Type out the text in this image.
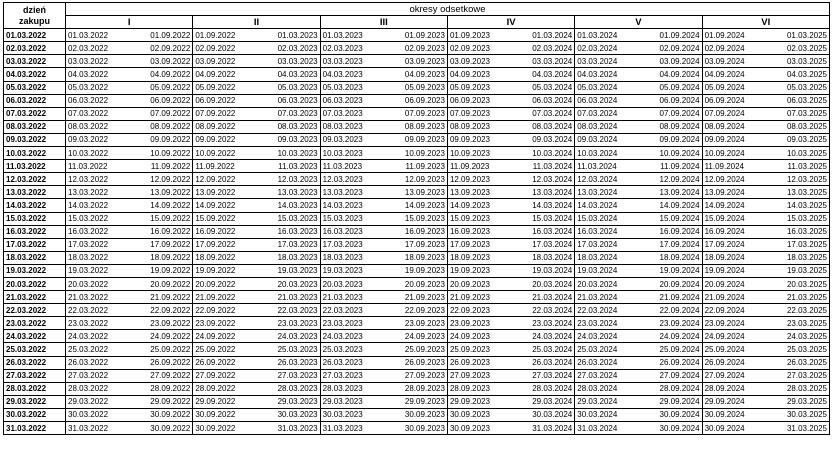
dzień
zakupu	okresy odsetkowe											
	I		II		III		IV		V		VI	
01.03.2022	01.03.2022	01.09.2022	01.09.2022	01.03.2023	01.03.2023	01.09.2023	01.09.2023	01.03.2024	01.03.2024	01.09.2024	01.09.2024	01.03.2025
02.03.2022	02.03.2022	02.09.2022	02.09.2022	02.03.2023	02.03.2023	02.09.2023	02.09.2023	02.03.2024	02.03.2024	02.09.2024	02.09.2024	02.03.2025
03.03.2022	03.03.2022	03.09.2022	03.09.2022	03.03.2023	03.03.2023	03.09.2023	03.09.2023	03.03.2024	03.03.2024	03.09.2024	03.09.2024	03.03.2025
04.03.2022	04.03.2022	04.09.2022	04.09.2022	04.03.2023	04.03.2023	04.09.2023	04.09.2023	04.03.2024	04.03.2024	04.09.2024	04.09.2024	04.03.2025
05.03.2022	05.03.2022	05.09.2022	05.09.2022	05.03.2023	05.03.2023	05.09.2023	05.09.2023	05.03.2024	05.03.2024	05.09.2024	05.09.2024	05.03.2025
06.03.2022	06.03.2022	06.09.2022	06.09.2022	06.03.2023	06.03.2023	06.09.2023	06.09.2023	06.03.2024	06.03.2024	06.09.2024	06.09.2024	06.03.2025
07.03.2022	07.03.2022	07.09.2022	07.09.2022	07.03.2023	07.03.2023	07.09.2023	07.09.2023	07.03.2024	07.03.2024	07.09.2024	07.09.2024	07.03.2025
08.03.2022	08.03.2022	08.09.2022	08.09.2022	08.03.2023	08.03.2023	08.09.2023	08.09.2023	08.03.2024	08.03.2024	08.09.2024	08.09.2024	08.03.2025
09.03.2022	09.03.2022	09.09.2022	09.09.2022	09.03.2023	09.03.2023	09.09.2023	09.09.2023	09.03.2024	09.03.2024	09.09.2024	09.09.2024	09.03.2025
10.03.2022	10.03.2022	10.09.2022	10.09.2022	10.03.2023	10.03.2023	10.09.2023	10.09.2023	10.03.2024	10.03.2024	10.09.2024	10.09.2024	10.03.2025
11.03.2022	11.03.2022	11.09.2022	11.09.2022	11.03.2023	11.03.2023	11.09.2023	11.09.2023	11.03.2024	11.03.2024	11.09.2024	11.09.2024	11.03.2025
12.03.2022	12.03.2022	12.09.2022	12.09.2022	12.03.2023	12.03.2023	12.09.2023	12.09.2023	12.03.2024	12.03.2024	12.09.2024	12.09.2024	12.03.2025
13.03.2022	13.03.2022	13.09.2022	13.09.2022	13.03.2023	13.03.2023	13.09.2023	13.09.2023	13.03.2024	13.03.2024	13.09.2024	13.09.2024	13.03.2025
14.03.2022	14.03.2022	14.09.2022	14.09.2022	14.03.2023	14.03.2023	14.09.2023	14.09.2023	14.03.2024	14.03.2024	14.09.2024	14.09.2024	14.03.2025
15.03.2022	15.03.2022	15.09.2022	15.09.2022	15.03.2023	15.03.2023	15.09.2023	15.09.2023	15.03.2024	15.03.2024	15.09.2024	15.09.2024	15.03.2025
16.03.2022	16.03.2022	16.09.2022	16.09.2022	16.03.2023	16.03.2023	16.09.2023	16.09.2023	16.03.2024	16.03.2024	16.09.2024	16.09.2024	16.03.2025
17.03.2022	17.03.2022	17.09.2022	17.09.2022	17.03.2023	17.03.2023	17.09.2023	17.09.2023	17.03.2024	17.03.2024	17.09.2024	17.09.2024	17.03.2025
18.03.2022	18.03.2022	18.09.2022	18.09.2022	18.03.2023	18.03.2023	18.09.2023	18.09.2023	18.03.2024	18.03.2024	18.09.2024	18.09.2024	18.03.2025
19.03.2022	19.03.2022	19.09.2022	19.09.2022	19.03.2023	19.03.2023	19.09.2023	19.09.2023	19.03.2024	19.03.2024	19.09.2024	19.09.2024	19.03.2025
20.03.2022	20.03.2022	20.09.2022	20.09.2022	20.03.2023	20.03.2023	20.09.2023	20.09.2023	20.03.2024	20.03.2024	20.09.2024	20.09.2024	20.03.2025
21.03.2022	21.03.2022	21.09.2022	21.09.2022	21.03.2023	21.03.2023	21.09.2023	21.09.2023	21.03.2024	21.03.2024	21.09.2024	21.09.2024	21.03.2025
22.03.2022	22.03.2022	22.09.2022	22.09.2022	22.03.2023	22.03.2023	22.09.2023	22.09.2023	22.03.2024	22.03.2024	22.09.2024	22.09.2024	22.03.2025
23.03.2022	23.03.2022	23.09.2022	23.09.2022	23.03.2023	23.03.2023	23.09.2023	23.09.2023	23.03.2024	23.03.2024	23.09.2024	23.09.2024	23.03.2025
24.03.2022	24.03.2022	24.09.2022	24.09.2022	24.03.2023	24.03.2023	24.09.2023	24.09.2023	24.03.2024	24.03.2024	24.09.2024	24.09.2024	24.03.2025
25.03.2022	25.03.2022	25.09.2022	25.09.2022	25.03.2023	25.03.2023	25.09.2023	25.09.2023	25.03.2024	25.03.2024	25.09.2024	25.09.2024	25.03.2025
26.03.2022	26.03.2022	26.09.2022	26.09.2022	26.03.2023	26.03.2023	26.09.2023	26.09.2023	26.03.2024	26.03.2024	26.09.2024	26.09.2024	26.03.2025
27.03.2022	27.03.2022	27.09.2022	27.09.2022	27.03.2023	27.03.2023	27.09.2023	27.09.2023	27.03.2024	27.03.2024	27.09.2024	27.09.2024	27.03.2025
28.03.2022	28.03.2022	28.09.2022	28.09.2022	28.03.2023	28.03.2023	28.09.2023	28.09.2023	28.03.2024	28.03.2024	28.09.2024	28.09.2024	28.03.2025
29.03.2022	29.03.2022	29.09.2022	29.09.2022	29.03.2023	29.03.2023	29.09.2023	29.09.2023	29.03.2024	29.03.2024	29.09.2024	29.09.2024	29.03.2025
30.03.2022	30.03.2022	30.09.2022	30.09.2022	30.03.2023	30.03.2023	30.09.2023	30.09.2023	30.03.2024	30.03.2024	30.09.2024	30.09.2024	30.03.2025
31.03.2022	31.03.2022	30.09.2022	30.09.2022	31.03.2023	31.03.2023	30.09.2023	30.09.2023	31.03.2024	31.03.2024	30.09.2024	30.09.2024	31.03.2025
